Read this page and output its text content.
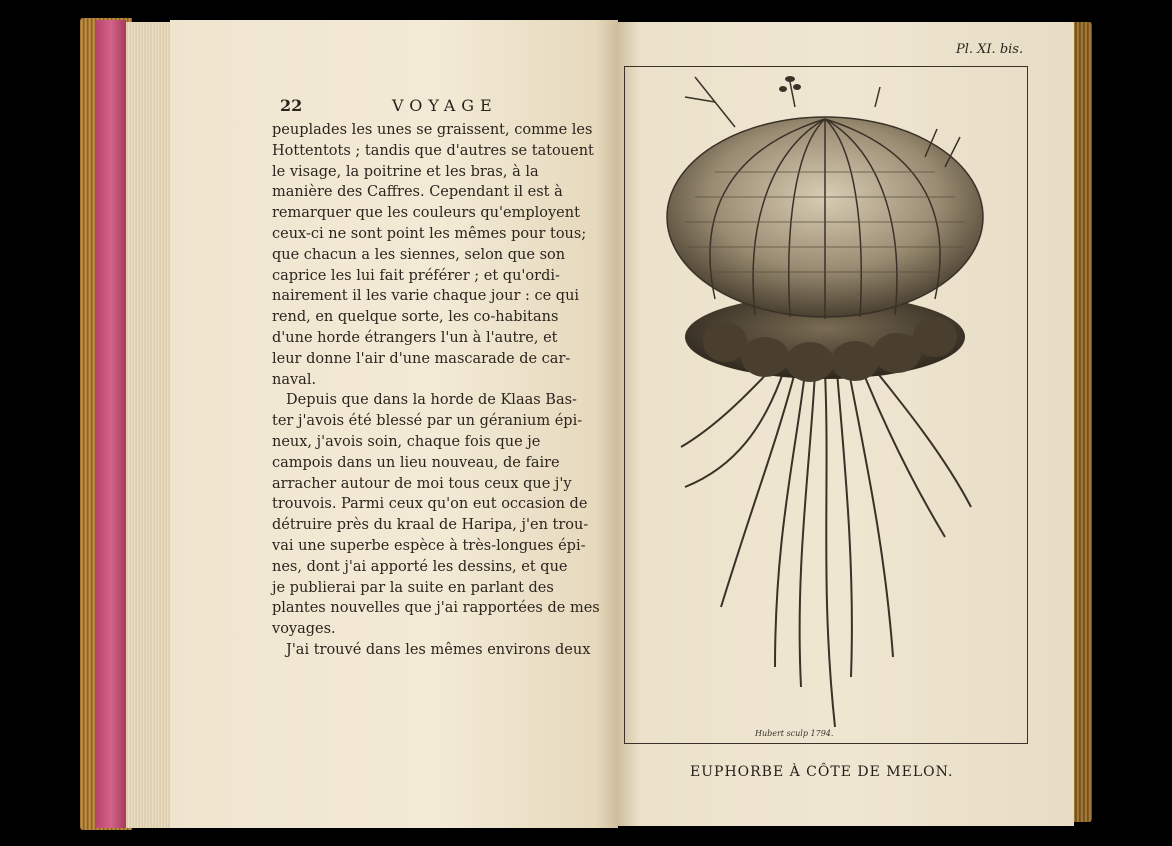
22	VOYAGE
peuplades les unes se graissent, comme les
Hottentots ; tandis que d'autres se tatouent
le visage, la poitrine et les bras, à la
manière des Caffres. Cependant il est à
remarquer que les couleurs qu'employent
ceux-ci ne sont point les mêmes pour tous;
que chacun a les siennes, selon que son
caprice les lui fait préférer ; et qu'ordi-
nairement il les varie chaque jour : ce qui
rend, en quelque sorte, les co-habitans
d'une horde étrangers l'un à l'autre, et
leur donne l'air d'une mascarade de car-
naval.
Depuis que dans la horde de Klaas Bas-
ter j'avois été blessé par un géranium épi-
neux, j'avois soin, chaque fois que je
campois dans un lieu nouveau, de faire
arracher autour de moi tous ceux que j'y
trouvois. Parmi ceux qu'on eut occasion de
détruire près du kraal de Haripa, j'en trou-
vai une superbe espèce à très-longues épi-
nes, dont j'ai apporté les dessins, et que
je publierai par la suite en parlant des
plantes nouvelles que j'ai rapportées de mes
voyages.
J'ai trouvé dans les mêmes environs deux
Pl. XI. bis.
Hubert sculp 1794.
EUPHORBE À CÔTE DE MELON.
